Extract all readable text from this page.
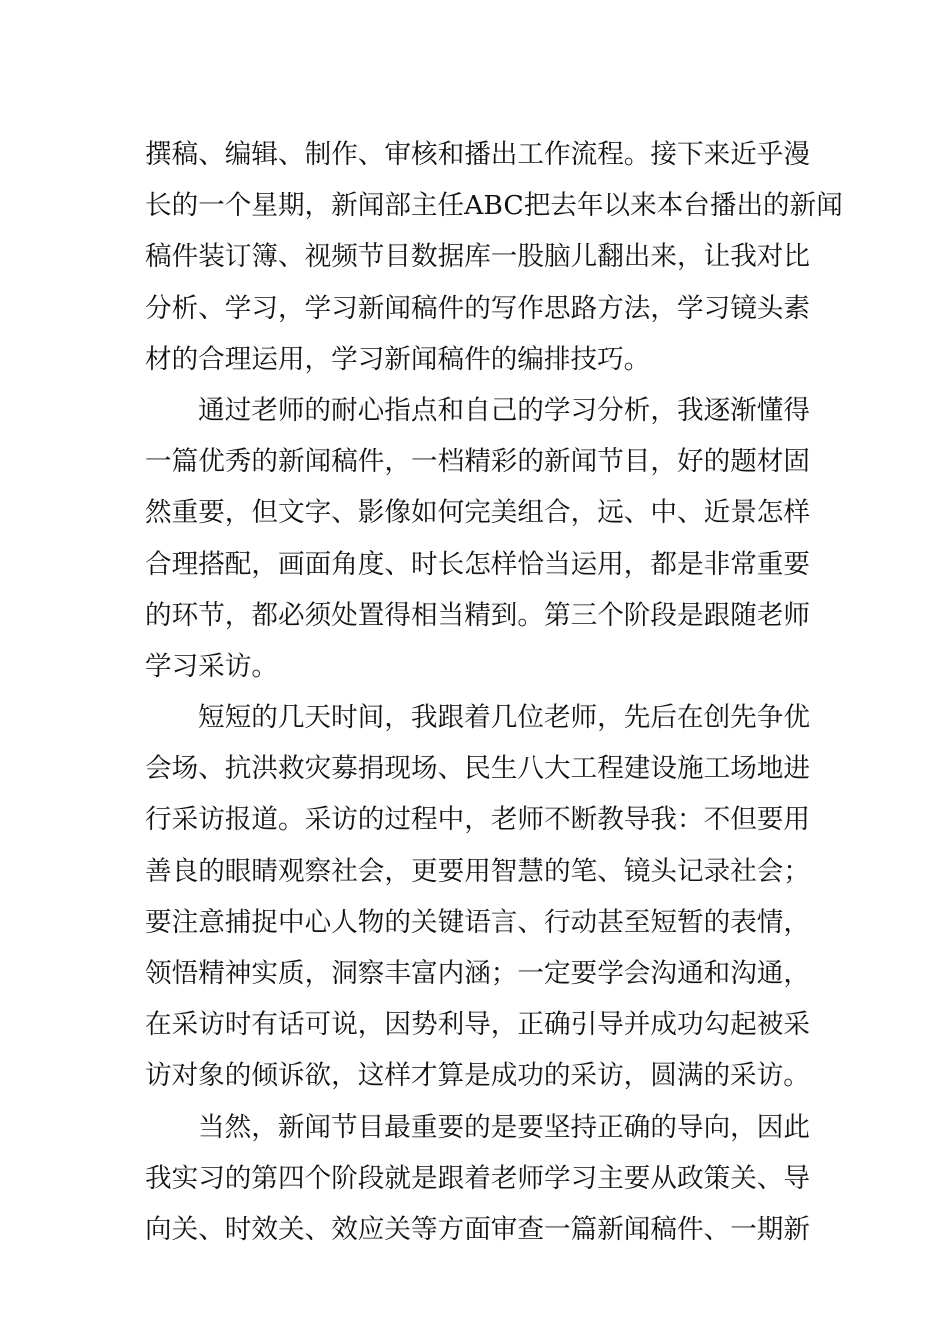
撰稿、编辑、制作、审核和播出工作流程。接下来近乎漫
长的一个星期，新闻部主任ABC把去年以来本台播出的新闻
稿件装订簿、视频节目数据库一股脑儿翻出来，让我对比
分析、学习，学习新闻稿件的写作思路方法，学习镜头素
材的合理运用，学习新闻稿件的编排技巧。
通过老师的耐心指点和自己的学习分析，我逐渐懂得
一篇优秀的新闻稿件，一档精彩的新闻节目，好的题材固
然重要，但文字、影像如何完美组合，远、中、近景怎样
合理搭配，画面角度、时长怎样恰当运用，都是非常重要
的环节，都必须处置得相当精到。第三个阶段是跟随老师
学习采访。
短短的几天时间，我跟着几位老师，先后在创先争优
会场、抗洪救灾募捐现场、民生八大工程建设施工场地进
行采访报道。采访的过程中，老师不断教导我：不但要用
善良的眼睛观察社会，更要用智慧的笔、镜头记录社会；
要注意捕捉中心人物的关键语言、行动甚至短暂的表情，
领悟精神实质，洞察丰富内涵；一定要学会沟通和沟通，
在采访时有话可说，因势利导，正确引导并成功勾起被采
访对象的倾诉欲，这样才算是成功的采访，圆满的采访。
当然，新闻节目最重要的是要坚持正确的导向，因此
我实习的第四个阶段就是跟着老师学习主要从政策关、导
向关、时效关、效应关等方面审查一篇新闻稿件、一期新
